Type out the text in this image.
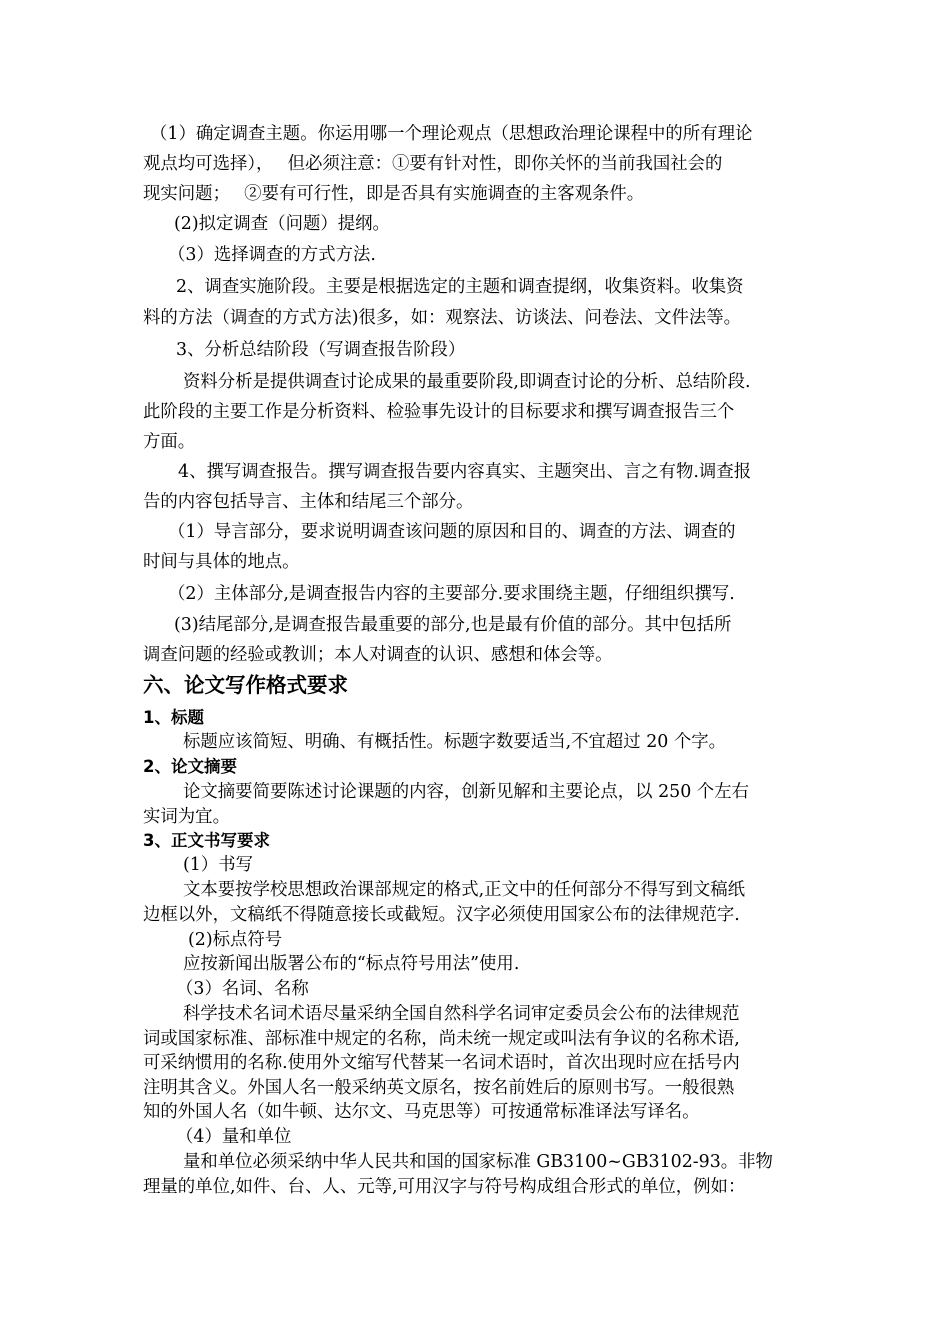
（1）确定调查主题。你运用哪一个理论观点（思想政治理论课程中的所有理论
观点均可选择），　 但必须注意：①要有针对性，即你关怀的当前我国社会的
现实问题；　 ②要有可行性，即是否具有实施调查的主客观条件。
(2)拟定调查（问题）提纲。
（3）选择调查的方式方法.
2、调查实施阶段。主要是根据选定的主题和调查提纲，收集资料。收集资
料的方法（调查的方式方法)很多，如：观察法、访谈法、问卷法、文件法等。
3、分析总结阶段（写调查报告阶段）
资料分析是提供调查讨论成果的最重要阶段,即调查讨论的分析、总结阶段.
此阶段的主要工作是分析资料、检验事先设计的目标要求和撰写调查报告三个
方面。
4、撰写调查报告。撰写调查报告要内容真实、主题突出、言之有物.调查报
告的内容包括导言、主体和结尾三个部分。
（1）导言部分，要求说明调查该问题的原因和目的、调查的方法、调查的
时间与具体的地点。
（2）主体部分,是调查报告内容的主要部分.要求围绕主题，仔细组织撰写.
(3)结尾部分,是调查报告最重要的部分,也是最有价值的部分。其中包括所
调查问题的经验或教训；本人对调查的认识、感想和体会等。
六、论文写作格式要求
1、标题
标题应该简短、明确、有概括性。标题字数要适当,不宜超过 20 个字。
2、论文摘要
论文摘要简要陈述讨论课题的内容，创新见解和主要论点，以 250 个左右
实词为宜。
3、正文书写要求
(1）书写
文本要按学校思想政治课部规定的格式,正文中的任何部分不得写到文稿纸
边框以外，文稿纸不得随意接长或截短。汉字必须使用国家公布的法律规范字.
(2)标点符号
应按新闻出版署公布的“标点符号用法”使用.
（3）名词、名称
科学技术名词术语尽量采纳全国自然科学名词审定委员会公布的法律规范
词或国家标准、部标准中规定的名称，尚未统一规定或叫法有争议的名称术语,
可采纳惯用的名称.使用外文缩写代替某一名词术语时，首次出现时应在括号内
注明其含义。外国人名一般采纳英文原名，按名前姓后的原则书写。一般很熟
知的外国人名（如牛顿、达尔文、马克思等）可按通常标准译法写译名。
（4）量和单位
量和单位必须采纳中华人民共和国的国家标准 GB3100~GB3102-93。非物
理量的单位,如件、台、人、元等,可用汉字与符号构成组合形式的单位，例如：
